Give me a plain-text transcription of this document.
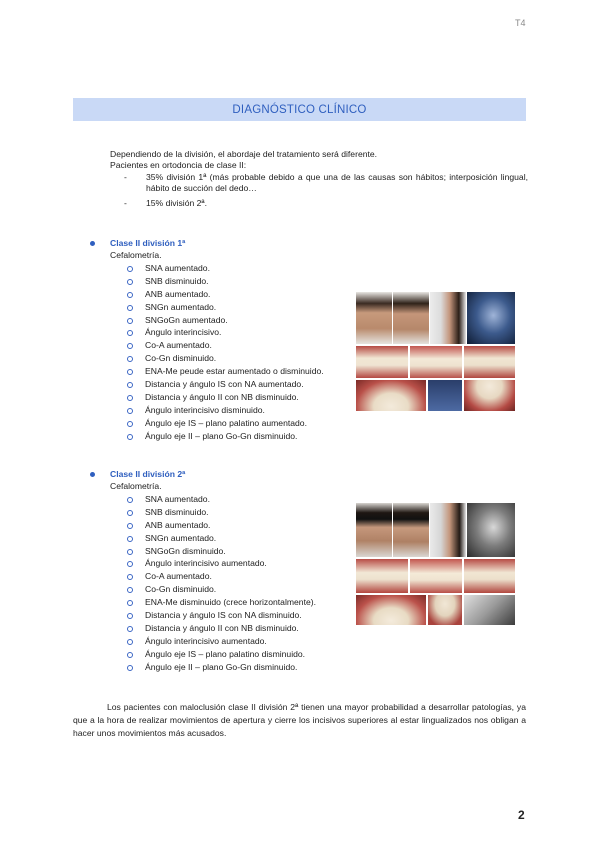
T4
DIAGNÓSTICO CLÍNICO
Dependiendo de la división, el abordaje del tratamiento será diferente.
Pacientes en ortodoncia de clase II:
-	35% división 1ª (más probable debido a que una de las causas son hábitos; interposición lingual, hábito de succión del dedo…
-	15% división 2ª.
Clase II división 1ª
Cefalometría.
SNA aumentado.
SNB disminuido.
ANB aumentado.
SNGn aumentado.
SNGoGn aumentado.
Ángulo interincisivo.
Co-A aumentado.
Co-Gn disminuido.
ENA-Me peude estar aumentado o disminuido.
Distancia y ángulo IS con NA aumentado.
Distancia y ángulo II con NB disminuido.
Ángulo interincisivo disminuido.
Ángulo eje IS – plano palatino aumentado.
Ángulo eje II – plano Go-Gn disminuido.
Clase II división 2ª
Cefalometría.
SNA aumentado.
SNB disminuido.
ANB aumentado.
SNGn aumentado.
SNGoGn disminuido.
Ángulo interincisivo aumentado.
Co-A aumentado.
Co-Gn disminuido.
ENA-Me disminuido (crece horizontalmente).
Distancia y ángulo IS con NA disminuido.
Distancia y ángulo II con NB disminuido.
Ángulo interincisivo aumentado.
Ángulo eje IS – plano palatino disminuido.
Ángulo eje II – plano Go-Gn disminuido.
Los pacientes con maloclusión clase II división 2ª tienen una mayor probabilidad a desarrollar patologías, ya que a la hora de realizar movimientos de apertura y cierre los incisivos superiores al estar lingualizados nos obligan a hacer unos movimientos más acusados.
2
